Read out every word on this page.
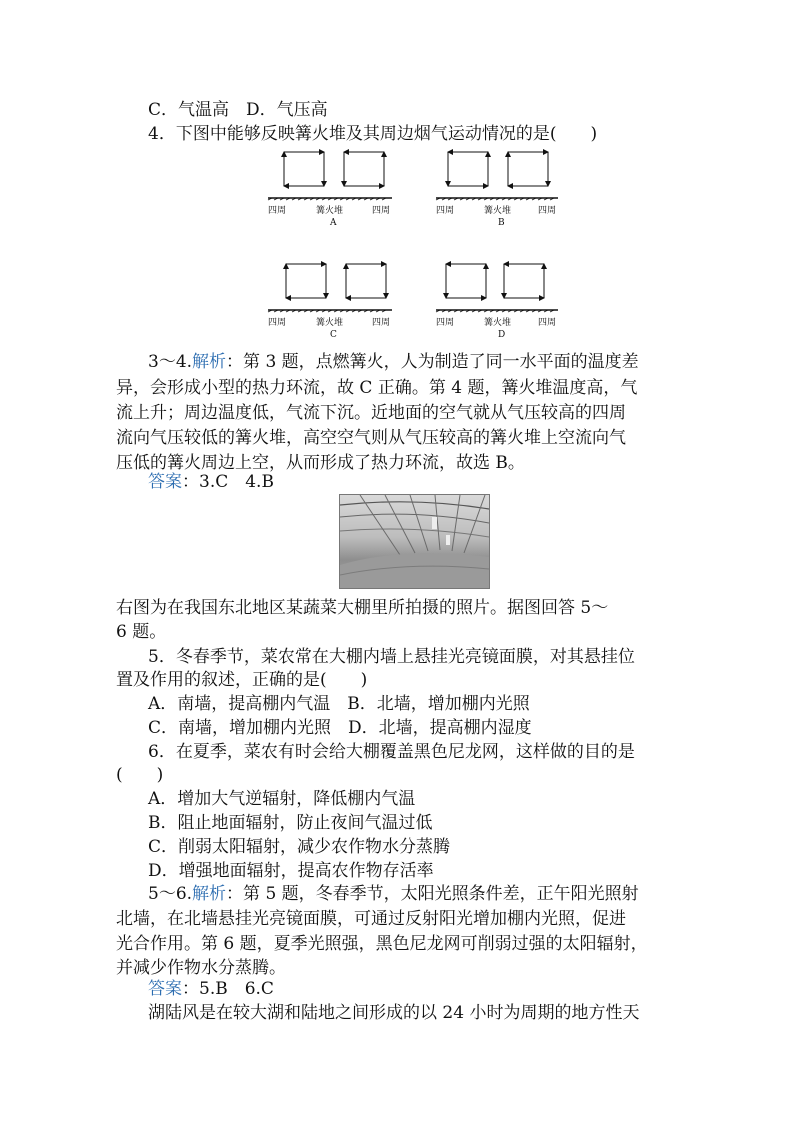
C．气温高　D．气压高
4．下图中能够反映篝火堆及其周边烟气运动情况的是(　　)
四周	篝火堆	四周
A
四周	篝火堆	四周
B
四周	篝火堆	四周
C
四周	篝火堆	四周
D
3～4.解析：第 3 题，点燃篝火，人为制造了同一水平面的温度差
异，会形成小型的热力环流，故 C 正确。第 4 题，篝火堆温度高，气
流上升；周边温度低，气流下沉。近地面的空气就从气压较高的四周
流向气压较低的篝火堆，高空空气则从气压较高的篝火堆上空流向气
压低的篝火周边上空，从而形成了热力环流，故选 B。
答案：3.C　4.B
右图为在我国东北地区某蔬菜大棚里所拍摄的照片。据图回答 5～
6 题。
5．冬春季节，菜农常在大棚内墙上悬挂光亮镜面膜，对其悬挂位
置及作用的叙述，正确的是(　　)
A．南墙，提高棚内气温　B．北墙，增加棚内光照
C．南墙，增加棚内光照　D．北墙，提高棚内湿度
6．在夏季，菜农有时会给大棚覆盖黑色尼龙网，这样做的目的是
(　　)
A．增加大气逆辐射，降低棚内气温
B．阻止地面辐射，防止夜间气温过低
C．削弱太阳辐射，减少农作物水分蒸腾
D．增强地面辐射，提高农作物存活率
5～6.解析：第 5 题，冬春季节，太阳光照条件差，正午阳光照射
北墙，在北墙悬挂光亮镜面膜，可通过反射阳光增加棚内光照，促进
光合作用。第 6 题，夏季光照强，黑色尼龙网可削弱过强的太阳辐射，
并减少作物水分蒸腾。
答案：5.B　6.C
湖陆风是在较大湖和陆地之间形成的以 24 小时为周期的地方性天
